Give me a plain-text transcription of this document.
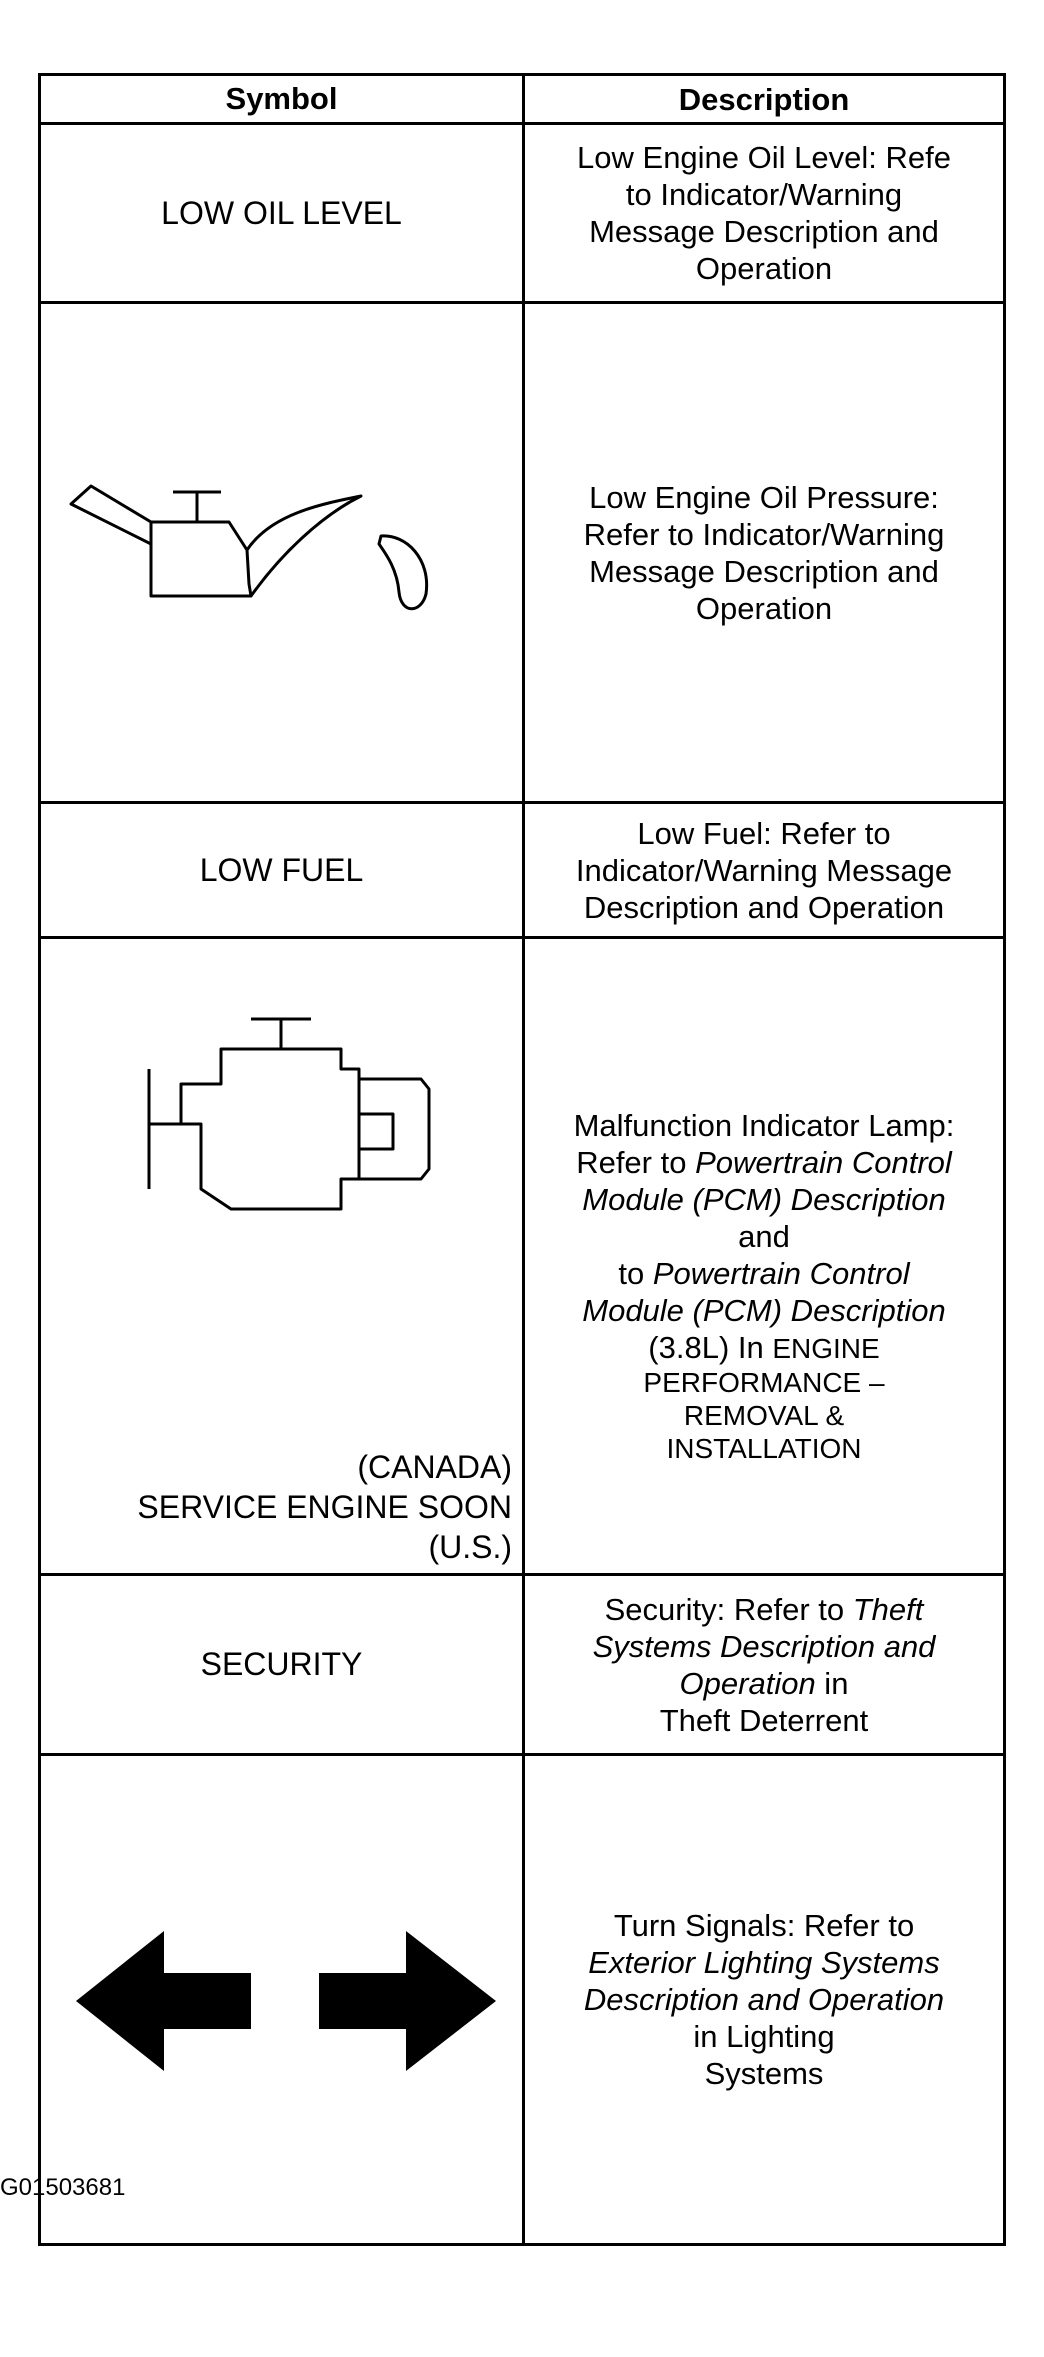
Symbol	Description
LOW OIL LEVEL
Low Engine Oil Level: Refe
to Indicator/Warning
Message Description and
Operation
Low Engine Oil Pressure:
Refer to Indicator/Warning
Message Description and
Operation
LOW FUEL
Low Fuel: Refer to
Indicator/Warning Message
Description and Operation
(CANADA)
SERVICE ENGINE SOON
(U.S.)
Malfunction Indicator Lamp:
Refer to Powertrain Control
Module (PCM) Description
and
to Powertrain Control
Module (PCM) Description
(3.8L) In ENGINE
PERFORMANCE –
REMOVAL &
INSTALLATION
SECURITY
Security: Refer to Theft
Systems Description and
Operation in
Theft Deterrent
Turn Signals: Refer to
Exterior Lighting Systems
Description and Operation
in Lighting
Systems
G01503681
